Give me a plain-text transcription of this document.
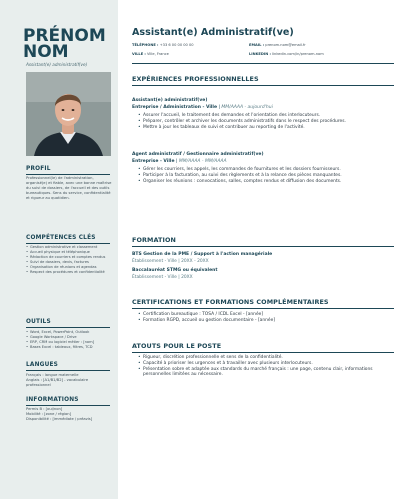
PRÉNOM
NOM
Assistant(e) administratif(ve)
PROFIL
Professionnel(le) de l'administration, organisé(e) et fiable, avec une bonne maîtrise du suivi de dossiers, de l'accueil et des outils bureautiques. Sens du service, confidentialité et rigueur au quotidien.
COMPÉTENCES CLÉS
• Gestion administrative et classement
• Accueil physique et téléphonique
• Rédaction de courriers et comptes rendus
• Suivi de dossiers, devis, factures
• Organisation de réunions et agendas
• Respect des procédures et confidentialité
OUTILS
• Word, Excel, PowerPoint, Outlook
• Google Workspace / Drive
• ERP, CRM ou logiciel métier : [nom]
• Bases Excel : tableaux, filtres, TCD
LANGUES
Français : langue maternelle
Anglais : [A1/B1/B2] - vocabulaire professionnel
INFORMATIONS
Permis B : [oui/non]
Mobilité : [zone / région]
Disponibilité : [immédiate / préavis]
Assistant(e) Administratif(ve)
TÉLÉPHONE : +33 6 00 00 00 00	EMAIL : prenom.nom@email.fr
VILLE : Ville, France	LINKEDIN : linkedin.com/in/prenom-nom
EXPÉRIENCES PROFESSIONNELLES
Assistant(e) administratif(ve)
Entreprise / Administration - Ville | MM/AAAA - aujourd'hui
• Assurer l'accueil, le traitement des demandes et l'orientation des interlocuteurs.
• Préparer, contrôler et archiver les documents administratifs dans le respect des procédures.
• Mettre à jour les tableaux de suivi et contribuer au reporting de l'activité.
Agent administratif / Gestionnaire administratif(ve)
Entreprise - Ville | MM/AAAA - MM/AAAA
• Gérer les courriers, les appels, les commandes de fournitures et les dossiers fournisseurs.
• Participer à la facturation, au suivi des règlements et à la relance des pièces manquantes.
• Organiser les réunions : convocations, salles, comptes rendus et diffusion des documents.
FORMATION
BTS Gestion de la PME / Support à l'action managériale
Établissement - Ville | 20XX - 20XX
Baccalauréat STMG ou équivalent
Établissement - Ville | 20XX
CERTIFICATIONS ET FORMATIONS COMPLÉMENTAIRES
• Certification bureautique : TOSA / ICDL Excel - [année]
• Formation RGPD, accueil ou gestion documentaire - [année]
ATOUTS POUR LE POSTE
• Rigueur, discrétion professionnelle et sens de la confidentialité.
• Capacité à prioriser les urgences et à travailler avec plusieurs interlocuteurs.
• Présentation sobre et adaptée aux standards du marché français : une page, contenu clair, informations personnelles limitées au nécessaire.
